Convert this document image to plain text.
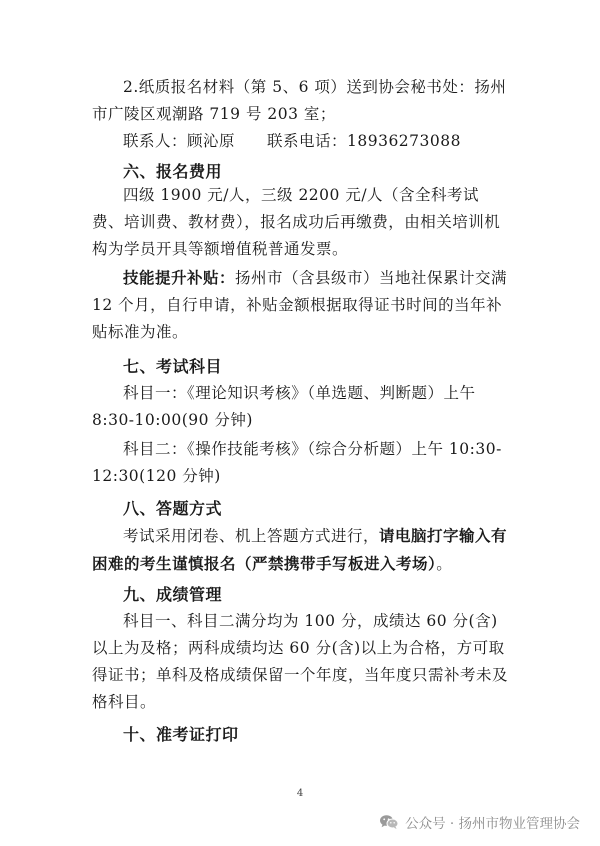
2.纸质报名材料（第 5、6 项）送到协会秘书处：扬州市广陵区观潮路 719 号 203 室；
联系人：顾沁原　　联系电话：18936273088
六、报名费用
四级 1900 元/人，三级 2200 元/人（含全科考试费、培训费、教材费），报名成功后再缴费，由相关培训机构为学员开具等额增值税普通发票。
技能提升补贴：扬州市（含县级市）当地社保累计交满 12 个月，自行申请，补贴金额根据取得证书时间的当年补贴标准为准。
七、考试科目
科目一：《理论知识考核》（单选题、判断题）上午 8:30-10:00(90 分钟)
科目二：《操作技能考核》（综合分析题）上午 10:30-12:30(120 分钟)
八、答题方式
考试采用闭卷、机上答题方式进行，请电脑打字输入有困难的考生谨慎报名（严禁携带手写板进入考场）。
九、成绩管理
科目一、科目二满分均为 100 分，成绩达 60 分(含)以上为及格；两科成绩均达 60 分(含)以上为合格，方可取得证书；单科及格成绩保留一个年度，当年度只需补考未及格科目。
十、准考证打印
4
公众号 · 扬州市物业管理协会
